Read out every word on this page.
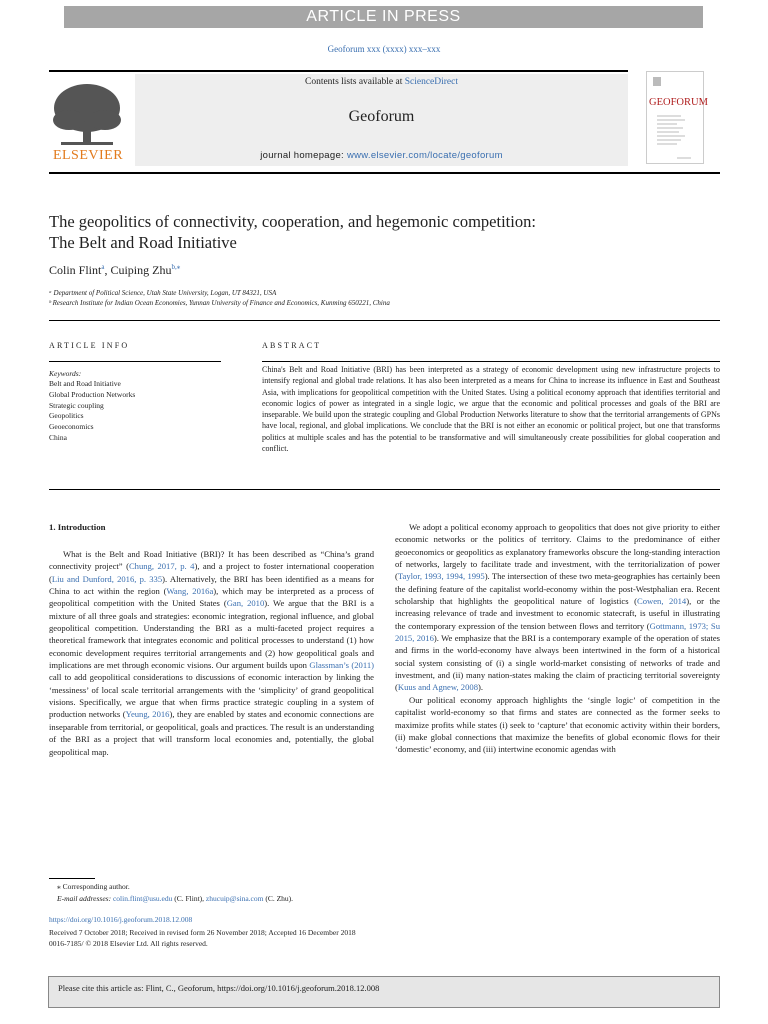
ARTICLE IN PRESS
Geoforum xxx (xxxx) xxx–xxx
ELSEVIER
Contents lists available at ScienceDirect
Geoforum
journal homepage: www.elsevier.com/locate/geoforum
GEOFORUM
The geopolitics of connectivity, cooperation, and hegemonic competition:
The Belt and Road Initiative
Colin Flint$^a$, Cuiping Zhu$^{b,⁎}$
ᵃ Department of Political Science, Utah State University, Logan, UT 84321, USA
ᵇ Research Institute for Indian Ocean Economies, Yunnan University of Finance and Economics, Kunming 650221, China
ARTICLE INFO
Keywords:
Belt and Road Initiative
Global Production Networks
Strategic coupling
Geopolitics
Geoeconomics
China
ABSTRACT
China's Belt and Road Initiative (BRI) has been interpreted as a strategy of economic development using new infrastructure projects to intensify regional and global trade relations. It has also been interpreted as a means for China to increase its influence in East and Southeast Asia, with implications for geopolitical competition with the United States. Using a political economy approach that identifies territorial and economic logics of power as integrated in a single logic, we argue that the economic and political processes and goals of the BRI are inseparable. We build upon the strategic coupling and Global Production Networks literature to show that the territorial arrangements of GPNs have local, regional, and global implications. We conclude that the BRI is not either an economic or political project, but one that transforms politics at multiple scales and has the potential to be transformative and will simultaneously create possibilities for global cooperation and conflict.
1. Introduction

What is the Belt and Road Initiative (BRI)? It has been described as “China’s grand connectivity project” (Chung, 2017, p. 4), and a project to foster international cooperation (Liu and Dunford, 2016, p. 335). Alternatively, the BRI has been identified as a means for China to act within the region (Wang, 2016a), which may be interpreted as a process of geopolitical competition with the United States (Gan, 2010). We argue that the BRI is a mixture of all three goals and strategies: economic integration, regional influence, and global geopolitical competition. Understanding the BRI as a multi-faceted project requires a theoretical framework that integrates economic and political processes to understand (1) how economic development requires territorial arrangements and (2) how geopolitical goals and implications are met through economic visions. Our argument builds upon Glassman’s (2011) call to add geopolitical considerations to discussions of economic interaction by linking the ‘messiness’ of local scale territorial arrangements with the ‘simplicity’ of grand geopolitical visions. Specifically, we argue that when firms practice strategic coupling in a system of production networks (Yeung, 2016), they are enabled by states and economic connections are inseparable from territorial, or geopolitical, goals and practices. The result is an understanding of the BRI as a project that will transform local economies and, potentially, the global geopolitical map.

We adopt a political economy approach to geopolitics that does not give priority to either economic networks or the politics of territory. Claims to the predominance of either geoeconomics or geopolitics as explanatory frameworks obscure the long-standing interaction of networks, largely to facilitate trade and investment, with the territorialization of power (Taylor, 1993, 1994, 1995). The intersection of these two meta-geographies has certainly been the defining feature of the capitalist world-economy within the post-Westphalian era. Recent scholarship that highlights the geopolitical nature of logistics (Cowen, 2014), or the increasing relevance of trade and investment to economic statecraft, is useful in illustrating the contemporary expression of the tension between flows and territory (Gottmann, 1973; Su 2015, 2016). We emphasize that the BRI is a contemporary example of the operation of states and firms in the world-economy have always been intertwined in the form of a historical social system consisting of (i) a single world-market consisting of networks of trade and investment, and (ii) many nation-states making the claim of practicing territorial sovereignty (Kuus and Agnew, 2008).

Our political economy approach highlights the ‘single logic’ of competition in the capitalist world-economy so that firms and states are connected as the former seeks to maximize profits while states (i) seek to ‘capture’ that economic activity within their borders, (ii) make global connections that maximize the benefits of global economic flows for their ‘domestic’ economy, and (iii) intertwine economic agendas with

⁎ Corresponding author.
E-mail addresses: colin.flint@usu.edu (C. Flint), zhucuip@sina.com (C. Zhu).
https://doi.org/10.1016/j.geoforum.2018.12.008
Received 7 October 2018; Received in revised form 26 November 2018; Accepted 16 December 2018
0016-7185/ © 2018 Elsevier Ltd. All rights reserved.
Please cite this article as: Flint, C., Geoforum, https://doi.org/10.1016/j.geoforum.2018.12.008
